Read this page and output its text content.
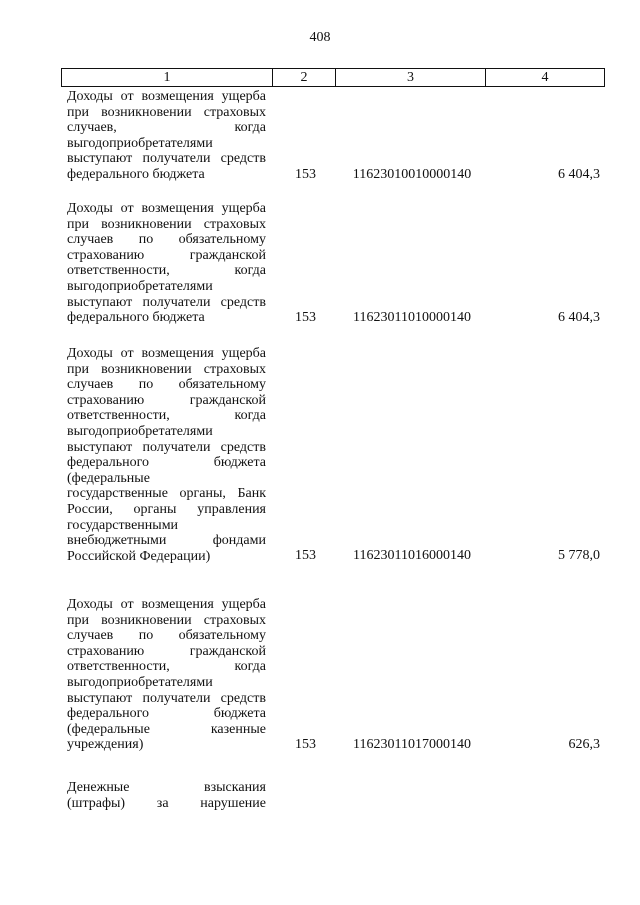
408
1	2	3	4
Доходы от возмещения ущерба
при возникновении страховых
случаев, когда
выгодоприобретателями
выступают получатели средств
федерального бюджета	153	11623010010000140	6 404,3
Доходы от возмещения ущерба
при возникновении страховых
случаев по обязательному
страхованию гражданской
ответственности, когда
выгодоприобретателями
выступают получатели средств
федерального бюджета	153	11623011010000140	6 404,3
Доходы от возмещения ущерба
при возникновении страховых
случаев по обязательному
страхованию гражданской
ответственности, когда
выгодоприобретателями
выступают получатели средств
федерального бюджета
(федеральные
государственные органы, Банк
России, органы управления
государственными
внебюджетными фондами
Российской Федерации)	153	11623011016000140	5 778,0
Доходы от возмещения ущерба
при возникновении страховых
случаев по обязательному
страхованию гражданской
ответственности, когда
выгодоприобретателями
выступают получатели средств
федерального бюджета
(федеральные казенные
учреждения)	153	11623011017000140	626,3
Денежные взыскания
(штрафы) за нарушение
